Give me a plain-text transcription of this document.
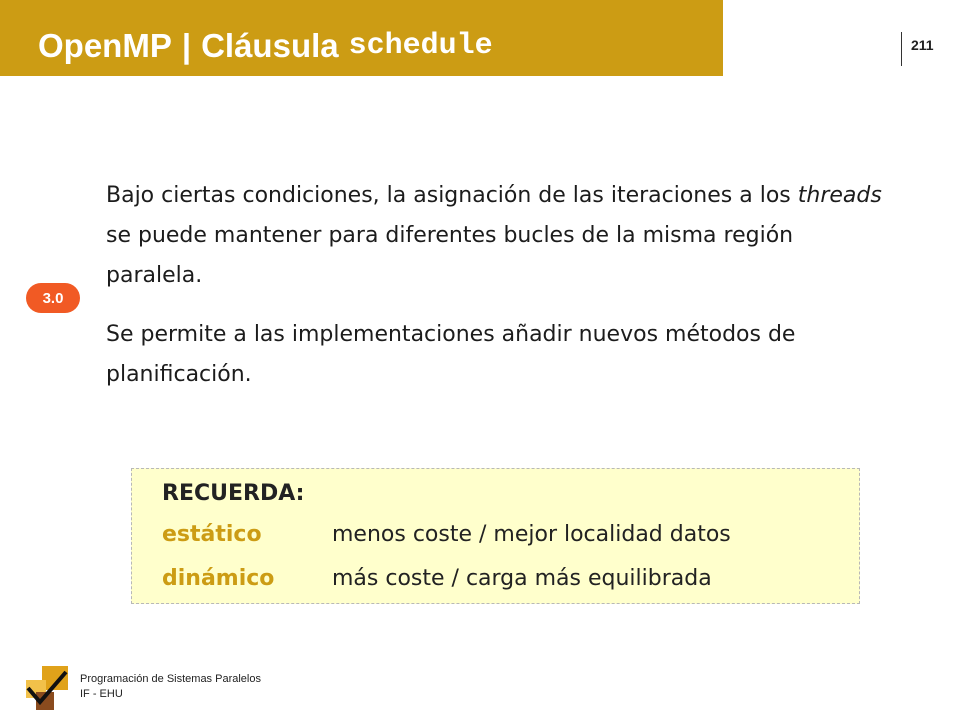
OpenMP | Cláusula schedule	211
Bajo ciertas condiciones, la asignación de las iteraciones a los threads se puede mantener para diferentes bucles de la misma región paralela.
3.0
Se permite a las implementaciones añadir nuevos métodos de planificación.
RECUERDA:
estático	menos coste / mejor localidad datos
dinámico	más coste / carga más equilibrada
Programación de Sistemas Paralelos
IF - EHU
